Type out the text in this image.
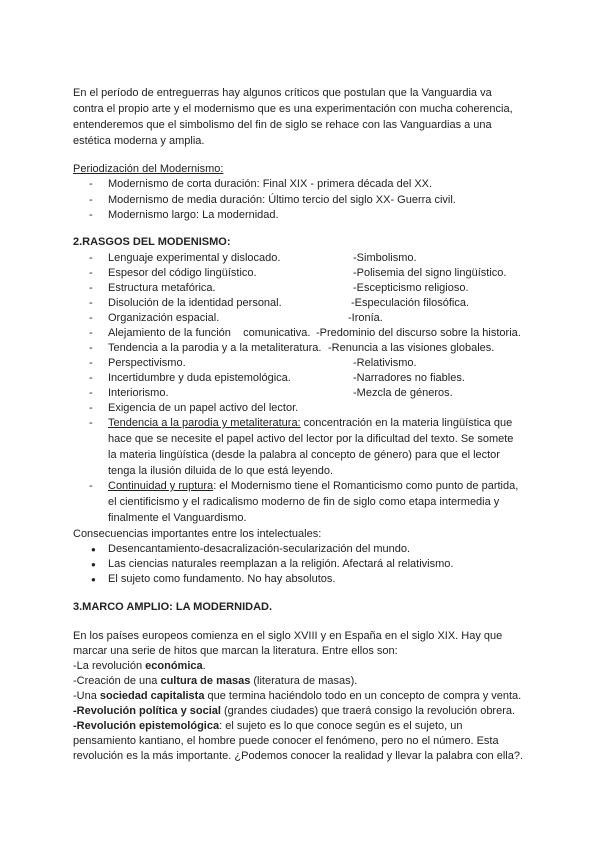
En el período de entreguerras hay algunos críticos que postulan que la Vanguardia va
contra el propio arte y el modernismo que es una experimentación con mucha coherencia,
entenderemos que el simbolismo del fin de siglo se rehace con las Vanguardias a una
estética moderna y amplia.
Periodización del Modernismo:
- Modernismo de corta duración: Final XIX - primera década del XX.
- Modernismo de media duración: Último tercio del siglo XX- Guerra civil.
- Modernismo largo: La modernidad.
2.RASGOS DEL MODENISMO:
- Lenguaje experimental y dislocado.	-Simbolismo.
- Espesor del código lingüístico.	-Polisemia del signo lingüístico.
- Estructura metafórica.	-Escepticismo religioso.
- Disolución de la identidad personal.	-Especulación filosófica.
- Organización espacial.	-Ironía.
- Alejamiento de la función    comunicativa. -Predominio del discurso sobre la historia.
- Tendencia a la parodia y a la metaliteratura. -Renuncia a las visiones globales.
- Perspectivismo.	-Relativismo.
- Incertidumbre y duda epistemológica.	-Narradores no fiables.
- Interiorismo.	-Mezcla de géneros.
- Exigencia de un papel activo del lector.
- Tendencia a la parodia y metaliteratura: concentración en la materia lingüística que
hace que se necesite el papel activo del lector por la dificultad del texto. Se somete
la materia lingüística (desde la palabra al concepto de género) para que el lector
tenga la ilusión diluida de lo que está leyendo.
- Continuidad y ruptura: el Modernismo tiene el Romanticismo como punto de partida,
el cientificismo y el radicalismo moderno de fin de siglo como etapa intermedia y
finalmente el Vanguardismo.
Consecuencias importantes entre los intelectuales:
● Desencantamiento-desacralización-secularización del mundo.
● Las ciencias naturales reemplazan a la religión. Afectará al relativismo.
● El sujeto como fundamento. No hay absolutos.
3.MARCO AMPLIO: LA MODERNIDAD.
En los países europeos comienza en el siglo XVIII y en España en el siglo XIX. Hay que
marcar una serie de hitos que marcan la literatura. Entre ellos son:
-La revolución económica.
-Creación de una cultura de masas (literatura de masas).
-Una sociedad capitalista que termina haciéndolo todo en un concepto de compra y venta.
-Revolución política y social (grandes ciudades) que traerá consigo la revolución obrera.
-Revolución epistemológica: el sujeto es lo que conoce según es el sujeto, un
pensamiento kantiano, el hombre puede conocer el fenómeno, pero no el número. Esta
revolución es la más importante. ¿Podemos conocer la realidad y llevar la palabra con ella?.
